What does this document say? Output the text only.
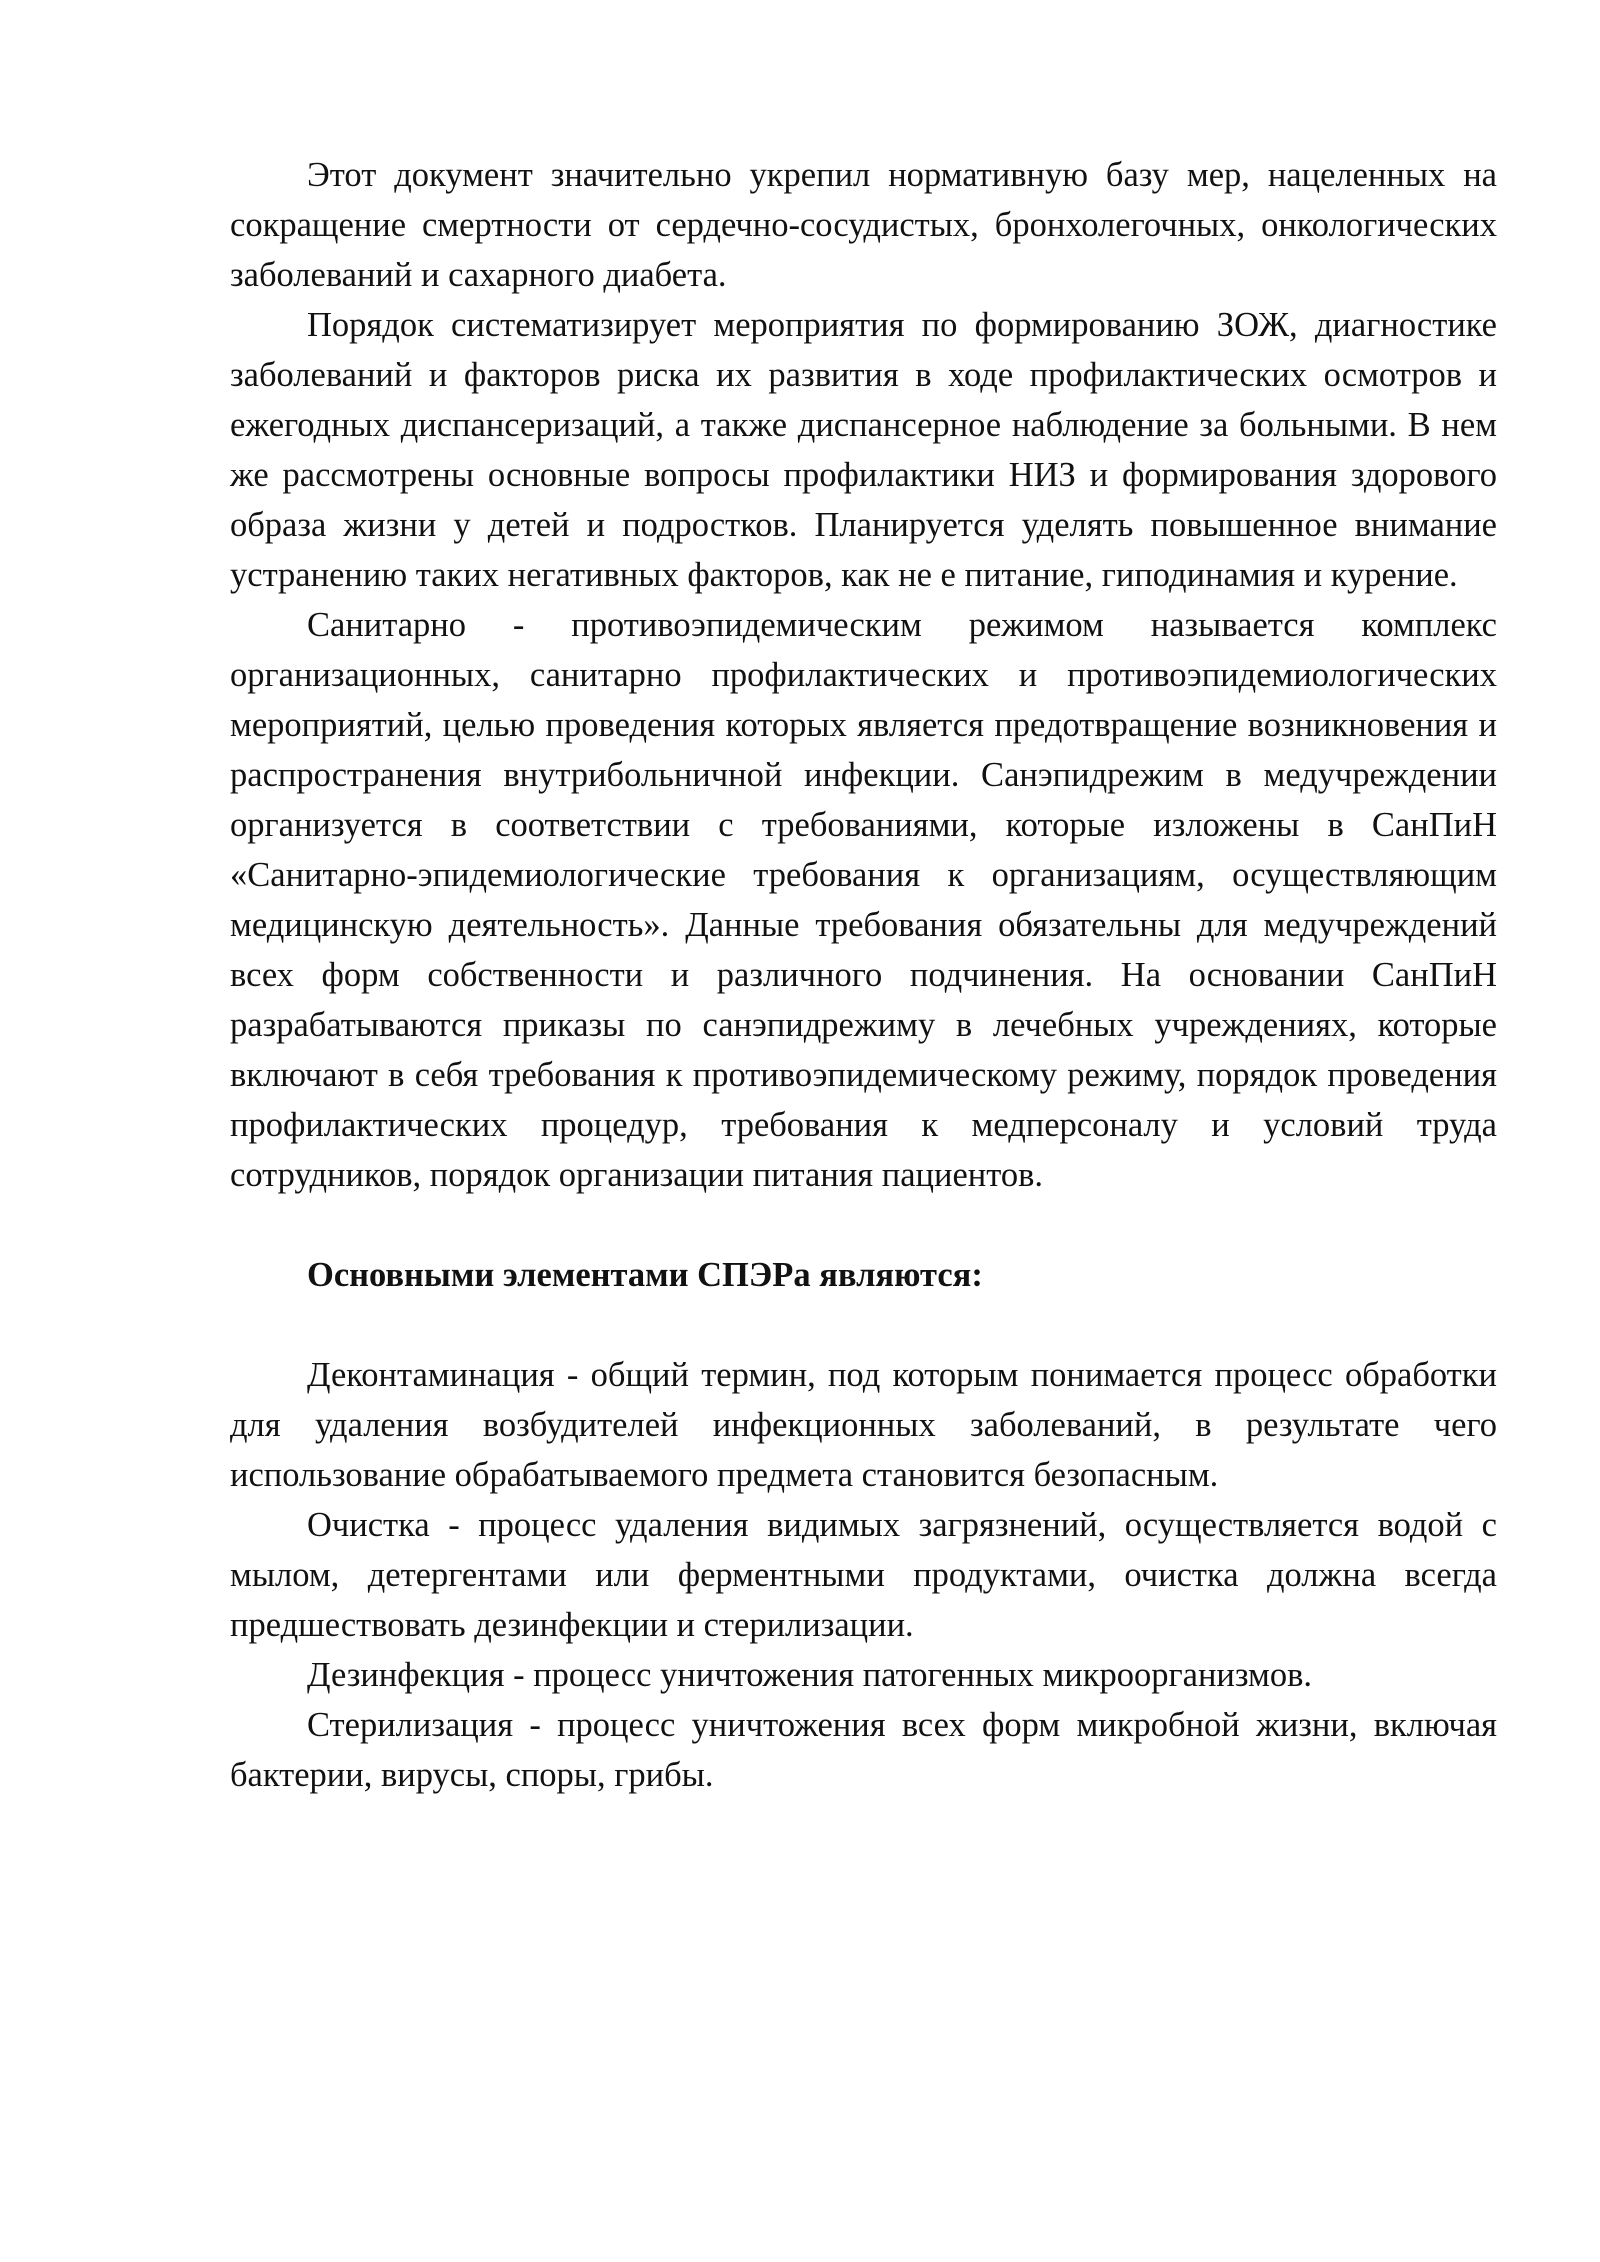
Этот документ значительно укрепил нормативную базу мер, нацеленных на сокращение смертности от сердечно-сосудистых, бронхолегочных, онкологических заболеваний и сахарного диабета.

Порядок систематизирует мероприятия по формированию ЗОЖ, диагностике заболеваний и факторов риска их развития в ходе профилактических осмотров и ежегодных диспансеризаций, а также диспансерное наблюдение за больными. В нем же рассмотрены основные вопросы профилактики НИЗ и формирования здорового образа жизни у детей и подростков. Планируется уделять повышенное внимание устранению таких негативных факторов, как не е питание, гиподинамия и курение.

Санитарно - противоэпидемическим режимом называется комплекс организационных, санитарно профилактических и противоэпидемиологических мероприятий, целью проведения которых является предотвращение возникновения и распространения внутрибольничной инфекции. Санэпидрежим в медучреждении организуется в соответствии с требованиями, которые изложены в СанПиН «Санитарно-эпидемиологические требования к организациям, осуществляющим медицинскую деятельность». Данные требования обязательны для медучреждений всех форм собственности и различного подчинения. На основании СанПиН разрабатываются приказы по санэпидрежиму в лечебных учреждениях, которые включают в себя требования к противоэпидемическому режиму, порядок проведения профилактических процедур, требования к медперсоналу и условий труда сотрудников, порядок организации питания пациентов.

Основными элементами СПЭРа являются:

Деконтаминация - общий термин, под которым понимается процесс обработки для удаления возбудителей инфекционных заболеваний, в результате чего использование обрабатываемого предмета становится безопасным.

Очистка - процесс удаления видимых загрязнений, осуществляется водой с мылом, детергентами или ферментными продуктами, очистка должна всегда предшествовать дезинфекции и стерилизации.

Дезинфекция - процесс уничтожения патогенных микроорганизмов.

Стерилизация - процесс уничтожения всех форм микробной жизни, включая бактерии, вирусы, споры, грибы.
